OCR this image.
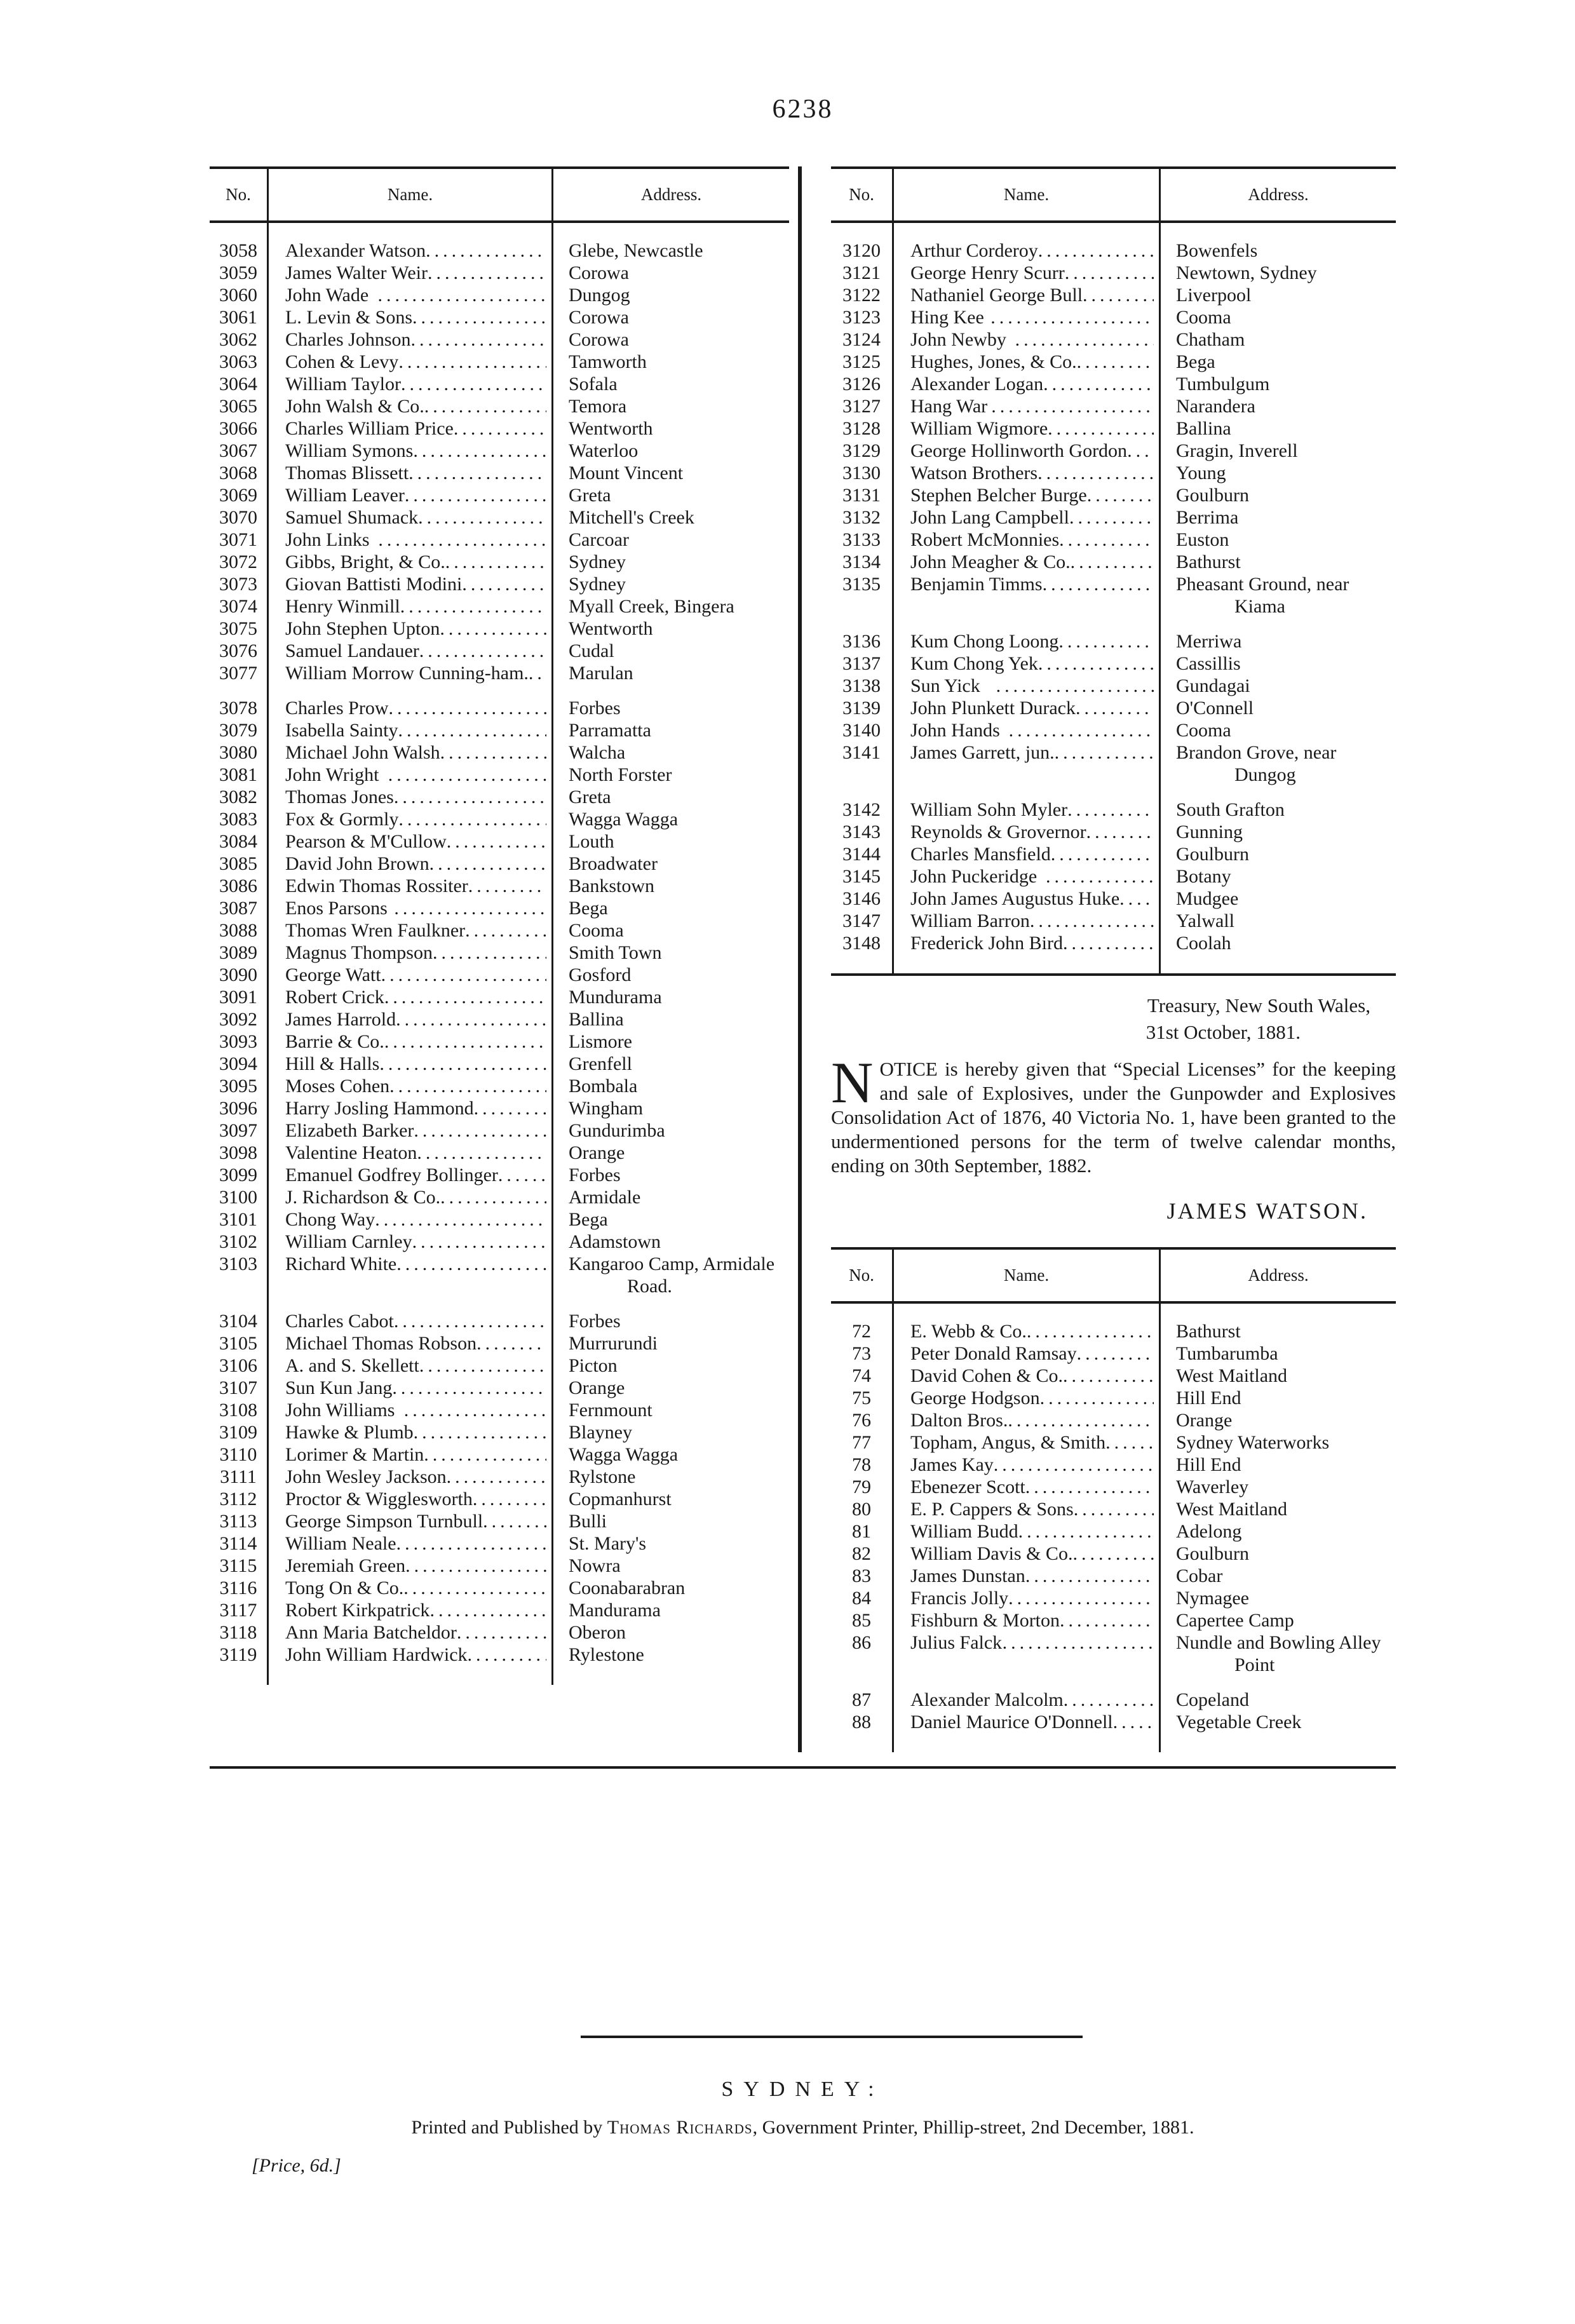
6238
No.	Name.	Address.
3058	Alexander Watson .....	Glebe, Newcastle
3059	James Walter Weir .....	Corowa
3060	John Wade .....	Dungog
3061	L. Levin & Sons .....	Corowa
3062	Charles Johnson .....	Corowa
3063	Cohen & Levy .....	Tamworth
3064	William Taylor .....	Sofala
3065	John Walsh & Co. .....	Temora
3066	Charles William Price .....	Wentworth
3067	William Symons .....	Waterloo
3068	Thomas Blissett .....	Mount Vincent
3069	William Leaver .....	Greta
3070	Samuel Shumack .....	Mitchell's Creek
3071	John Links .....	Carcoar
3072	Gibbs, Bright, & Co. .....	Sydney
3073	Giovan Battisti Modini .....	Sydney
3074	Henry Winmill .....	Myall Creek, Bingera
3075	John Stephen Upton .....	Wentworth
3076	Samuel Landauer .....	Cudal
3077	William Morrow Cunning-ham. ..... Marulan
3078	Charles Prow .....	Forbes
3079	Isabella Sainty .....	Parramatta
3080	Michael John Walsh .....	Walcha
3081	John Wright .....	North Forster
3082	Thomas Jones .....	Greta
3083	Fox & Gormly .....	Wagga Wagga
3084	Pearson & M'Cullow .....	Louth
3085	David John Brown .....	Broadwater
3086	Edwin Thomas Rossiter .....	Bankstown
3087	Enos Parsons .....	Bega
3088	Thomas Wren Faulkner .....	Cooma
3089	Magnus Thompson .....	Smith Town
3090	George Watt .....	Gosford
3091	Robert Crick .....	Mundurama
3092	James Harrold .....	Ballina
3093	Barrie & Co. .....	Lismore
3094	Hill & Halls .....	Grenfell
3095	Moses Cohen .....	Bombala
3096	Harry Josling Hammond .....	Wingham
3097	Elizabeth Barker .....	Gundurimba
3098	Valentine Heaton .....	Orange
3099	Emanuel Godfrey Bollinger .....	Forbes
3100	J. Richardson & Co. .....	Armidale
3101	Chong Way .....	Bega
3102	William Carnley .....	Adamstown
3103	Richard White .....	Kangaroo Camp, Armidale Road.
3104	Charles Cabot .....	Forbes
3105	Michael Thomas Robson .....	Murrurundi
3106	A. and S. Skellett .....	Picton
3107	Sun Kun Jang .....	Orange
3108	John Williams .....	Fernmount
3109	Hawke & Plumb .....	Blayney
3110	Lorimer & Martin .....	Wagga Wagga
3111	John Wesley Jackson .....	Rylstone
3112	Proctor & Wigglesworth .....	Copmanhurst
3113	George Simpson Turnbull .....	Bulli
3114	William Neale .....	St. Mary's
3115	Jeremiah Green .....	Nowra
3116	Tong On & Co. .....	Coonabarabran
3117	Robert Kirkpatrick .....	Mandurama
3118	Ann Maria Batcheldor .....	Oberon
3119	John William Hardwick .....	Rylestone
No.	Name.	Address.
3120	Arthur Corderoy .....	Bowenfels
3121	George Henry Scurr .....	Newtown, Sydney
3122	Nathaniel George Bull .....	Liverpool
3123	Hing Kee .....	Cooma
3124	John Newby .....	Chatham
3125	Hughes, Jones, & Co. .....	Bega
3126	Alexander Logan .....	Tumbulgum
3127	Hang War .....	Narandera
3128	William Wigmore .....	Ballina
3129	George Hollinworth Gordon .....	Gragin, Inverell
3130	Watson Brothers .....	Young
3131	Stephen Belcher Burge .....	Goulburn
3132	John Lang Campbell .....	Berrima
3133	Robert McMonnies .....	Euston
3134	John Meagher & Co. .....	Bathurst
3135	Benjamin Timms .....	Pheasant Ground, near Kiama
3136	Kum Chong Loong .....	Merriwa
3137	Kum Chong Yek .....	Cassillis
3138	Sun Yick .....	Gundagai
3139	John Plunkett Durack .....	O'Connell
3140	John Hands .....	Cooma
3141	James Garrett, jun. .....	Brandon Grove, near Dungog
3142	William Sohn Myler .....	South Grafton
3143	Reynolds & Grovernor .....	Gunning
3144	Charles Mansfield .....	Goulburn
3145	John Puckeridge .....	Botany
3146	John James Augustus Huke .....	Mudgee
3147	William Barron .....	Yalwall
3148	Frederick John Bird .....	Coolah
Treasury, New South Wales,
31st October, 1881.

NOTICE is hereby given that “Special Licenses” for the keeping and sale of Explosives, under the Gunpowder and Explosives Consolidation Act of 1876, 40 Victoria No. 1, have been granted to the undermentioned persons for the term of twelve calendar months, ending on 30th September, 1882.

JAMES WATSON.
No.	Name.	Address.
72	E. Webb & Co. .....	Bathurst
73	Peter Donald Ramsay .....	Tumbarumba
74	David Cohen & Co. .....	West Maitland
75	George Hodgson .....	Hill End
76	Dalton Bros. .....	Orange
77	Topham, Angus, & Smith .....	Sydney Waterworks
78	James Kay .....	Hill End
79	Ebenezer Scott .....	Waverley
80	E. P. Cappers & Sons .....	West Maitland
81	William Budd .....	Adelong
82	William Davis & Co. .....	Goulburn
83	James Dunstan .....	Cobar
84	Francis Jolly .....	Nymagee
85	Fishburn & Morton .....	Capertee Camp
86	Julius Falck .....	Nundle and Bowling Alley Point
87	Alexander Malcolm .....	Copeland
88	Daniel Maurice O'Donnell .....	Vegetable Creek
SYDNEY:
Printed and Published by Thomas Richards, Government Printer, Phillip-street, 2nd December, 1881.
[Price, 6d.]
